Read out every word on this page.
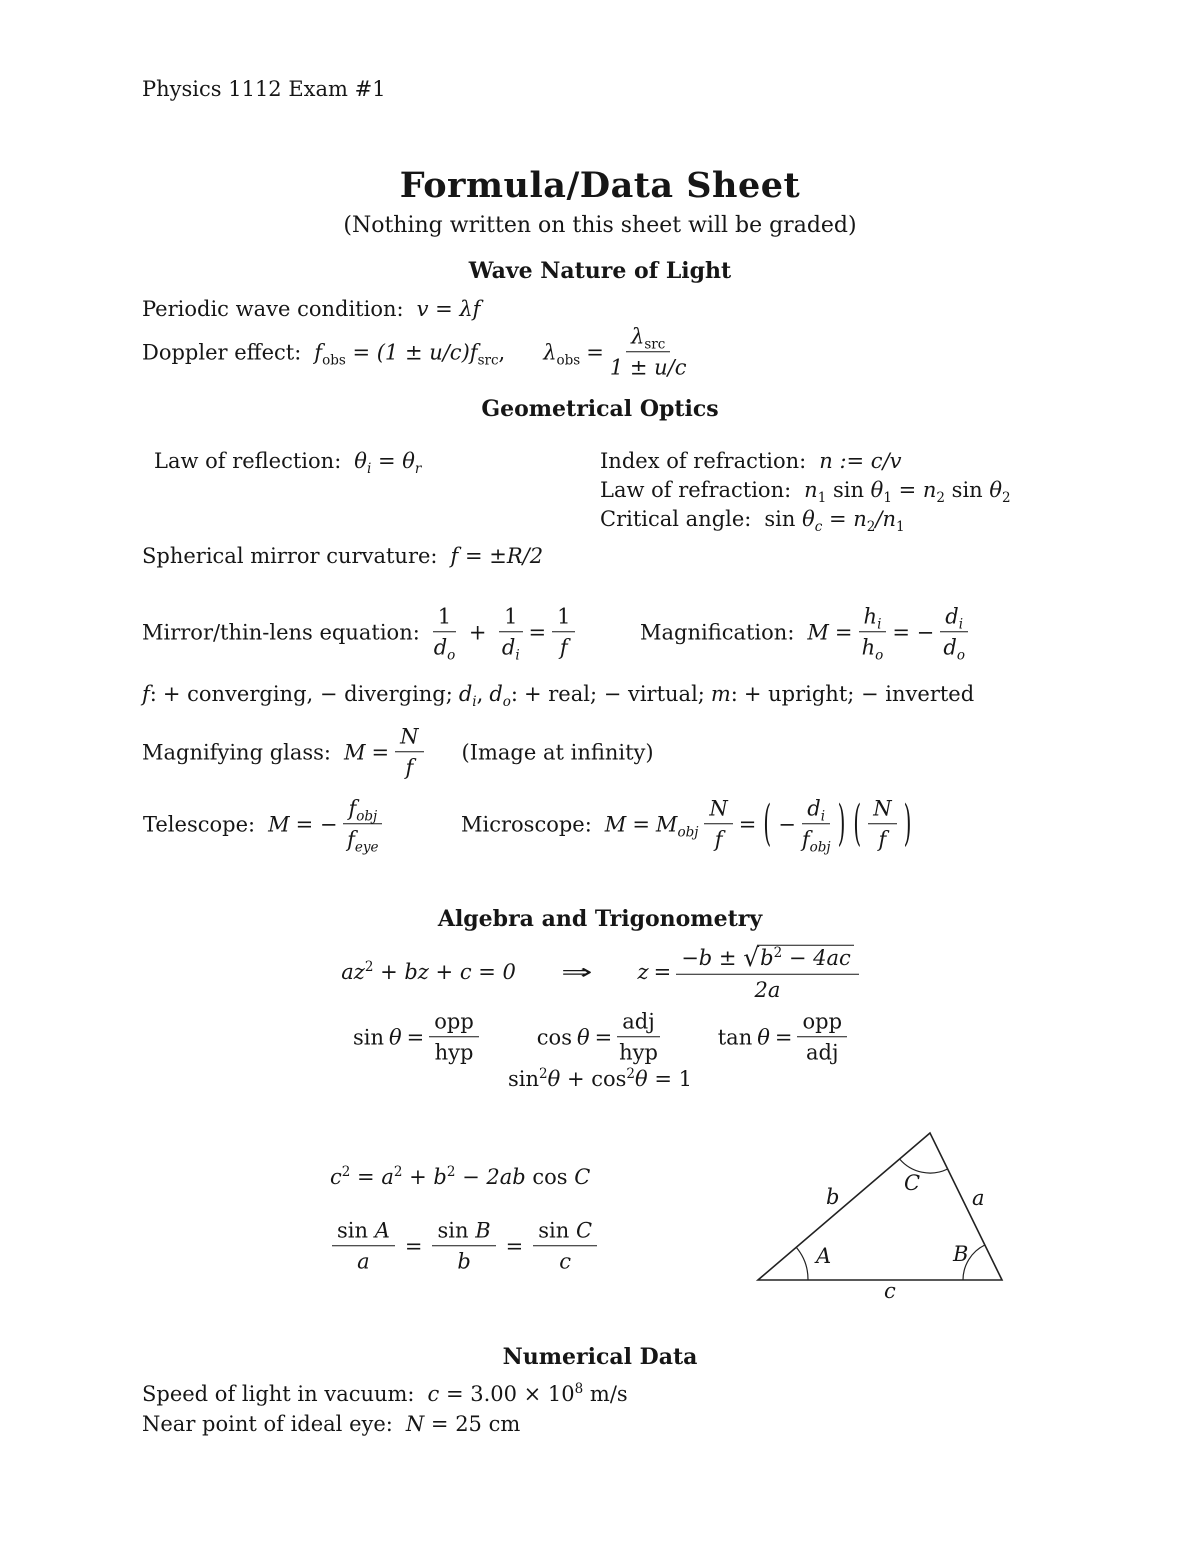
Physics 1112 Exam #1
Formula/Data Sheet
(Nothing written on this sheet will be graded)
Wave Nature of Light
Periodic wave condition: v = λf
Doppler effect: $f_{obs} = (1 \pm u/c)f_{src}$, $\lambda_{obs}$ =
$\lambda_{src}$
1 ± u/c
Geometrical Optics
Law of reflection: $\theta_i = \theta_r$	Index of refraction: n := c/v
Law of refraction: $n_1$ $\sin \theta_1 = n_2$ $\sin \theta_2$
Critical angle: $\sin \theta_c = n_2/n_1$
Spherical mirror curvature: f = ±R/2
Mirror/thin-lens equation: $\frac{1}{d_o} + \frac{1}{d_i} = \frac{1}{f}$	Magnification: $M = \frac{h_i}{h_o}$ = − $\frac{d_i}{d_o}$
f: + converging, − diverging; $d_i$, $d_o$: + real; − virtual; m: + upright; − inverted
Magnifying glass: $M = \frac{N}{f}$ (Image at infinity)
Telescope: M = −
$f_{obj}$
$f_{eye}$
Microscope: $M = M_{obj} \frac{N}{f}$ = ( −
$d_i$
$f_{obj}$ ) ( $\frac{N}{f}$ )
Algebra and Trigonometry
$az^2$ + bz + c = 0 ⇒ $z = \frac{-b \pm √b^2 - 4ac}{2a}$
sin θ =
opp
hyp
cos θ =
adj
hyp
tan θ =
opp
adj
$\sin^2\theta + \cos^2\theta = 1$
$c^2 = a^2 + b^2 - 2ab$ cos C
$\frac{\text{sin A}}{a} = \frac{\text{sin B}}{b} = \frac{\text{sin C}}{c}$	A	B
C
a
b
c
Numerical Data
Speed of light in vacuum: $c = 3.00 \times 10^8$ m/s
Near point of ideal eye: N = 25 cm
